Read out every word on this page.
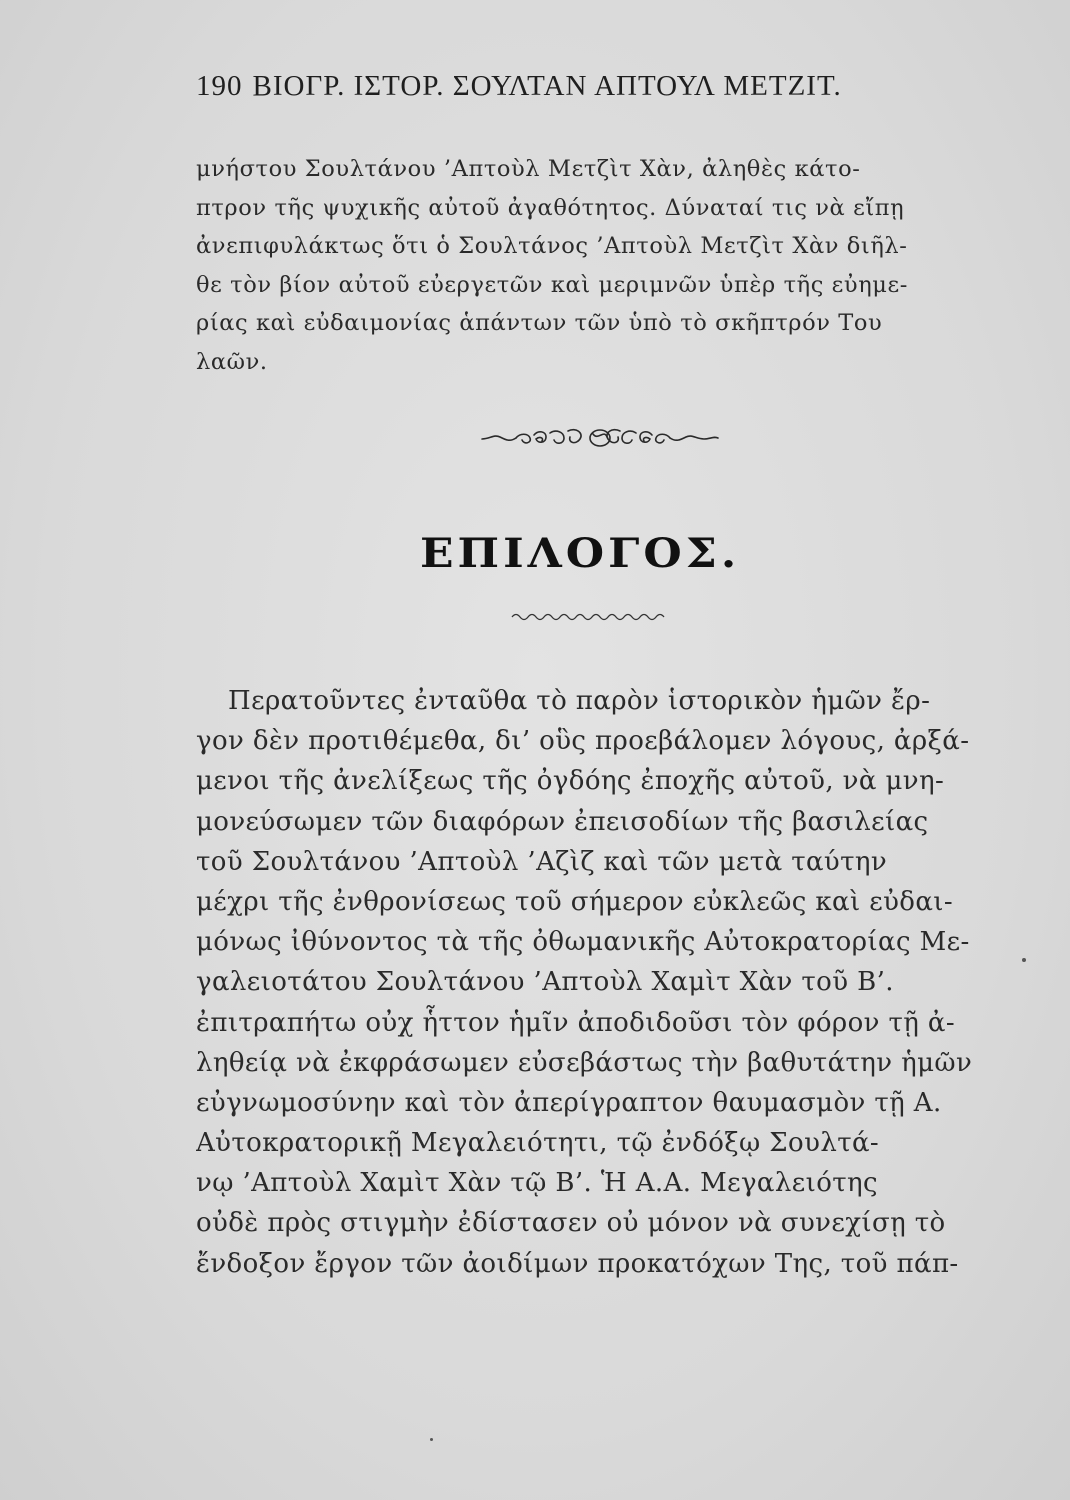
190 ΒΙΟΓΡ. ΙΣΤΟΡ. ΣΟΥΛΤΑΝ ΑΠΤΟΥΛ ΜΕΤΖΙΤ.
μνήστου Σουλτάνου ’Απτοὺλ Μετζὶτ Χὰν, ἀληθὲς κάτο-
πτρον τῆς ψυχικῆς αὐτοῦ ἀγαθότητος. Δύναταί τις νὰ εἴπῃ
ἀνεπιφυλάκτως ὅτι ὁ Σουλτάνος ’Απτοὺλ Μετζὶτ Χὰν διῆλ-
θε τὸν βίον αὐτοῦ εὐεργετῶν καὶ μεριμνῶν ὑπὲρ τῆς εὐημε-
ρίας καὶ εὐδαιμονίας ἁπάντων τῶν ὑπὸ τὸ σκῆπτρόν Του
λαῶν.
ΕΠΙΛΟΓΟΣ.
Περατοῦντες ἐνταῦθα τὸ παρὸν ἱστορικὸν ἡμῶν ἔρ-
γον δὲν προτιθέμεθα, δι’ οὓς προεβάλομεν λόγους, ἀρξά-
μενοι τῆς ἀνελίξεως τῆς ὀγδόης ἐποχῆς αὐτοῦ, νὰ μνη-
μονεύσωμεν τῶν διαφόρων ἐπεισοδίων τῆς βασιλείας
τοῦ Σουλτάνου ’Απτοὺλ ’Αζὶζ καὶ τῶν μετὰ ταύτην
μέχρι τῆς ἐνθρονίσεως τοῦ σήμερον εὐκλεῶς καὶ εὐδαι-
μόνως ἰθύνοντος τὰ τῆς ὀθωμανικῆς Αὐτοκρατορίας Με-
γαλειοτάτου Σουλτάνου ’Απτοὺλ Χαμὶτ Χὰν τοῦ Β’.
ἐπιτραπήτω οὐχ ἧττον ἡμῖν ἀποδιδοῦσι τὸν φόρον τῇ ἀ-
ληθείᾳ νὰ ἐκφράσωμεν εὐσεβάστως τὴν βαθυτάτην ἡμῶν
εὐγνωμοσύνην καὶ τὸν ἀπερίγραπτον θαυμασμὸν τῇ Α.
Αὐτοκρατορικῇ Μεγαλειότητι, τῷ ἐνδόξῳ Σουλτά-
νῳ ’Απτοὺλ Χαμὶτ Χὰν τῷ Β’. Ἡ Α.Α. Μεγαλειότης
οὐδὲ πρὸς στιγμὴν ἐδίστασεν οὐ μόνον νὰ συνεχίσῃ τὸ
ἔνδοξον ἔργον τῶν ἀοιδίμων προκατόχων Της, τοῦ πάπ-
